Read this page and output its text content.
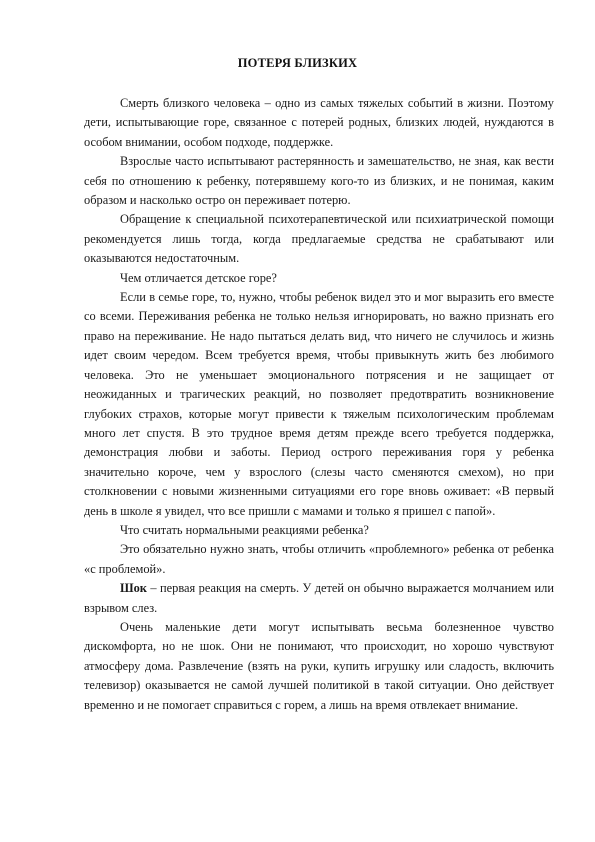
ПОТЕРЯ БЛИЗКИХ

Смерть близкого человека – одно из самых тяжелых событий в жизни. Поэтому дети, испытывающие горе, связанное с потерей родных, близких людей, нуждаются в особом внимании, особом подходе, поддержке.

Взрослые часто испытывают растерянность и замешательство, не зная, как вести себя по отношению к ребенку, потерявшему кого-то из близких, и не понимая, каким образом и насколько остро он переживает потерю.

Обращение к специальной психотерапевтической или психиатрической помощи рекомендуется лишь тогда, когда предлагаемые средства не срабатывают или оказываются недостаточным.

Чем отличается детское горе?

Если в семье горе, то, нужно, чтобы ребенок видел это и мог выразить его вместе со всеми. Переживания ребенка не только нельзя игнорировать, но важно признать его право на переживание. Не надо пытаться делать вид, что ничего не случилось и жизнь идет своим чередом. Всем требуется время, чтобы привыкнуть жить без любимого человека. Это не уменьшает эмоционального потрясения и не защищает от неожиданных и трагических реакций, но позволяет предотвратить возникновение глубоких страхов, которые могут привести к тяжелым психологическим проблемам много лет спустя. В это трудное время детям прежде всего требуется поддержка, демонстрация любви и заботы. Период острого переживания горя у ребенка значительно короче, чем у взрослого (слезы часто сменяются смехом), но при столкновении с новыми жизненными ситуациями его горе вновь оживает: «В первый день в школе я увидел, что все пришли с мамами и только я пришел с папой».

Что считать нормальными реакциями ребенка?

Это обязательно нужно знать, чтобы отличить «проблемного» ребенка от ребенка «с проблемой».

Шок – первая реакция на смерть. У детей он обычно выражается молчанием или взрывом слез.

Очень маленькие дети могут испытывать весьма болезненное чувство дискомфорта, но не шок. Они не понимают, что происходит, но хорошо чувствуют атмосферу дома. Развлечение (взять на руки, купить игрушку или сладость, включить телевизор) оказывается не самой лучшей политикой в такой ситуации. Оно действует временно и не помогает справиться с горем, а лишь на время отвлекает внимание.
